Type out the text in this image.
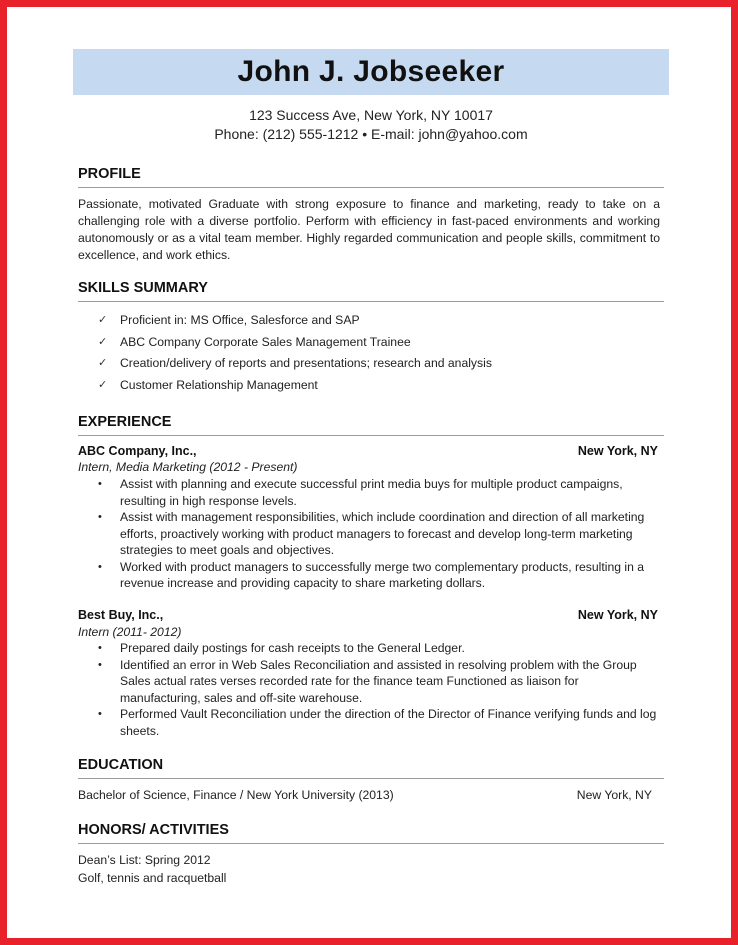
John J. Jobseeker
123 Success Ave, New York, NY 10017
Phone: (212) 555-1212 • E-mail: john@yahoo.com
PROFILE
Passionate, motivated Graduate with strong exposure to finance and marketing, ready to take on a challenging role with a diverse portfolio. Perform with efficiency in fast-paced environments and working autonomously or as a vital team member. Highly regarded communication and people skills, commitment to excellence, and work ethics.
SKILLS SUMMARY
✓	Proficient in: MS Office, Salesforce and SAP
✓	ABC Company Corporate Sales Management Trainee
✓	Creation/delivery of reports and presentations; research and analysis
✓	Customer Relationship Management
EXPERIENCE
ABC Company, Inc.,	New York, NY
Intern, Media Marketing (2012 - Present)
•	Assist with planning and execute successful print media buys for multiple product campaigns, resulting in high response levels.
•	Assist with management responsibilities, which include coordination and direction of all marketing efforts, proactively working with product managers to forecast and develop long-term marketing strategies to meet goals and objectives.
•	Worked with product managers to successfully merge two complementary products, resulting in a revenue increase and providing capacity to share marketing dollars.
Best Buy, Inc.,	New York, NY
Intern (2011- 2012)
•	Prepared daily postings for cash receipts to the General Ledger.
•	Identified an error in Web Sales Reconciliation and assisted in resolving problem with the Group Sales actual rates verses recorded rate for the finance team Functioned as liaison for manufacturing, sales and off-site warehouse.
•	Performed Vault Reconciliation under the direction of the Director of Finance verifying funds and log sheets.
EDUCATION
Bachelor of Science, Finance / New York University (2013)	New York, NY
HONORS/ ACTIVITIES
Dean’s List: Spring 2012
Golf, tennis and racquetball
